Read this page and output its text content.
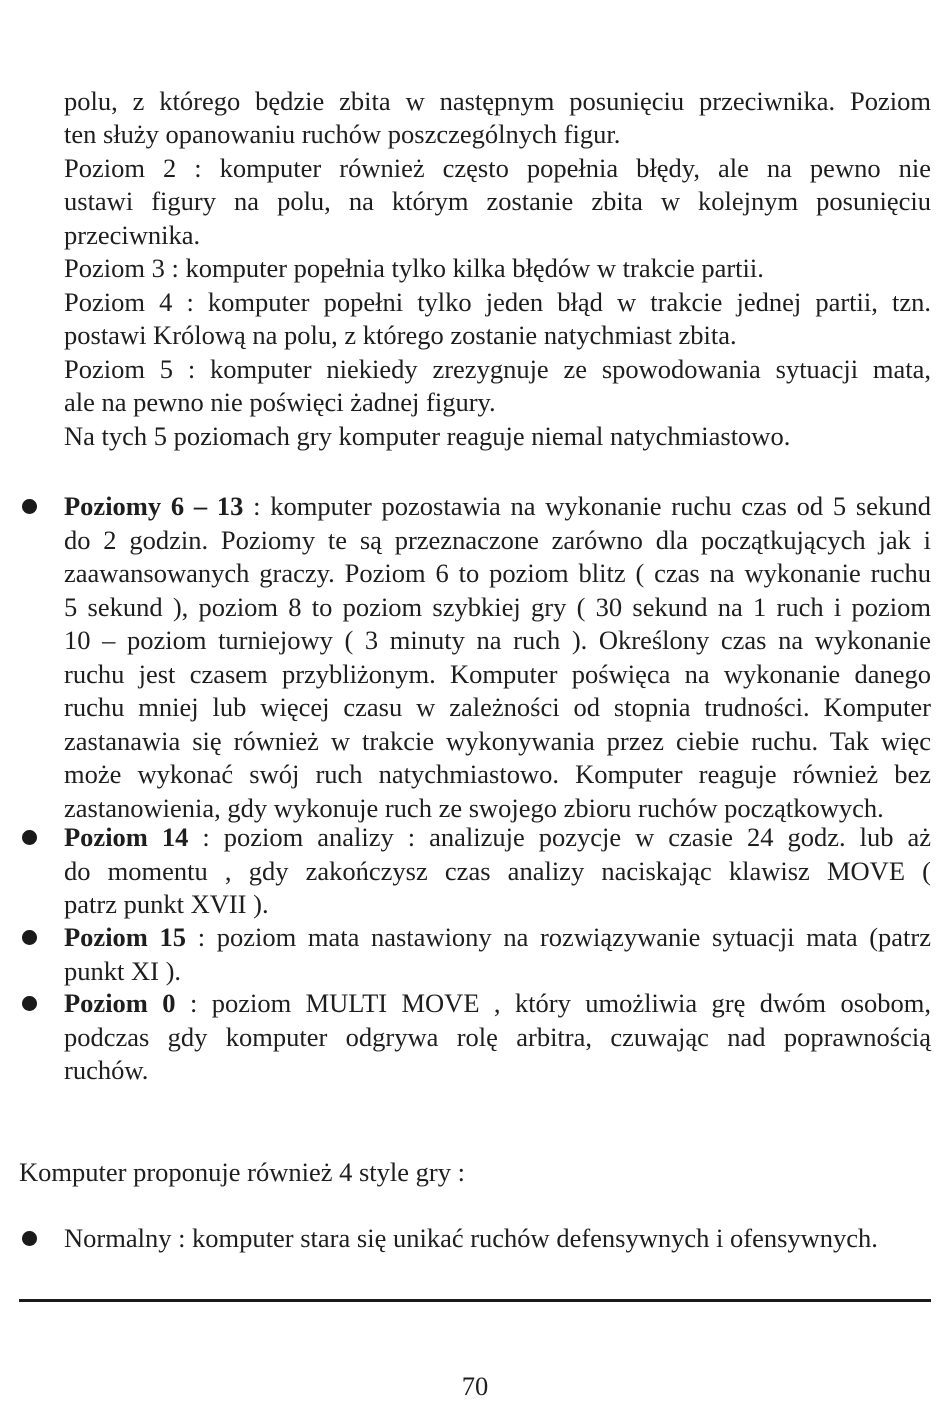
polu, z którego będzie zbita w następnym posunięciu przeciwnika. Poziom
ten służy opanowaniu ruchów poszczególnych figur.
Poziom 2 : komputer również często popełnia błędy, ale na pewno nie
ustawi figury na polu, na którym zostanie zbita w kolejnym posunięciu
przeciwnika.
Poziom 3 : komputer popełnia tylko kilka błędów w trakcie partii.
Poziom 4 : komputer popełni tylko jeden błąd w trakcie jednej partii, tzn.
postawi Królową na polu, z którego zostanie natychmiast zbita.
Poziom 5 : komputer niekiedy zrezygnuje ze spowodowania sytuacji mata,
ale na pewno nie poświęci żadnej figury.
Na tych 5 poziomach gry komputer reaguje niemal natychmiastowo.
Poziomy 6 – 13 : komputer pozostawia na wykonanie ruchu czas od 5 sekund
do 2 godzin. Poziomy te są przeznaczone zarówno dla początkujących jak i
zaawansowanych graczy. Poziom 6 to poziom blitz ( czas na wykonanie ruchu
5 sekund ), poziom 8 to poziom szybkiej gry ( 30 sekund na 1 ruch i poziom
10 – poziom turniejowy ( 3 minuty na ruch ). Określony czas na wykonanie
ruchu jest czasem przybliżonym. Komputer poświęca na wykonanie danego
ruchu mniej lub więcej czasu w zależności od stopnia trudności. Komputer
zastanawia się również w trakcie wykonywania przez ciebie ruchu. Tak więc
może wykonać swój ruch natychmiastowo. Komputer reaguje również bez
zastanowienia, gdy wykonuje ruch ze swojego zbioru ruchów początkowych.
Poziom 14 : poziom analizy : analizuje pozycje w czasie 24 godz. lub aż
do momentu , gdy zakończysz czas analizy naciskając klawisz MOVE (
patrz punkt XVII ).
Poziom 15 : poziom mata nastawiony na rozwiązywanie sytuacji mata (patrz
punkt XI ).
Poziom 0 : poziom MULTI MOVE , który umożliwia grę dwóm osobom,
podczas gdy komputer odgrywa rolę arbitra, czuwając nad poprawnością
ruchów.
Komputer proponuje również 4 style gry :
Normalny : komputer stara się unikać ruchów defensywnych i ofensywnych.
70
